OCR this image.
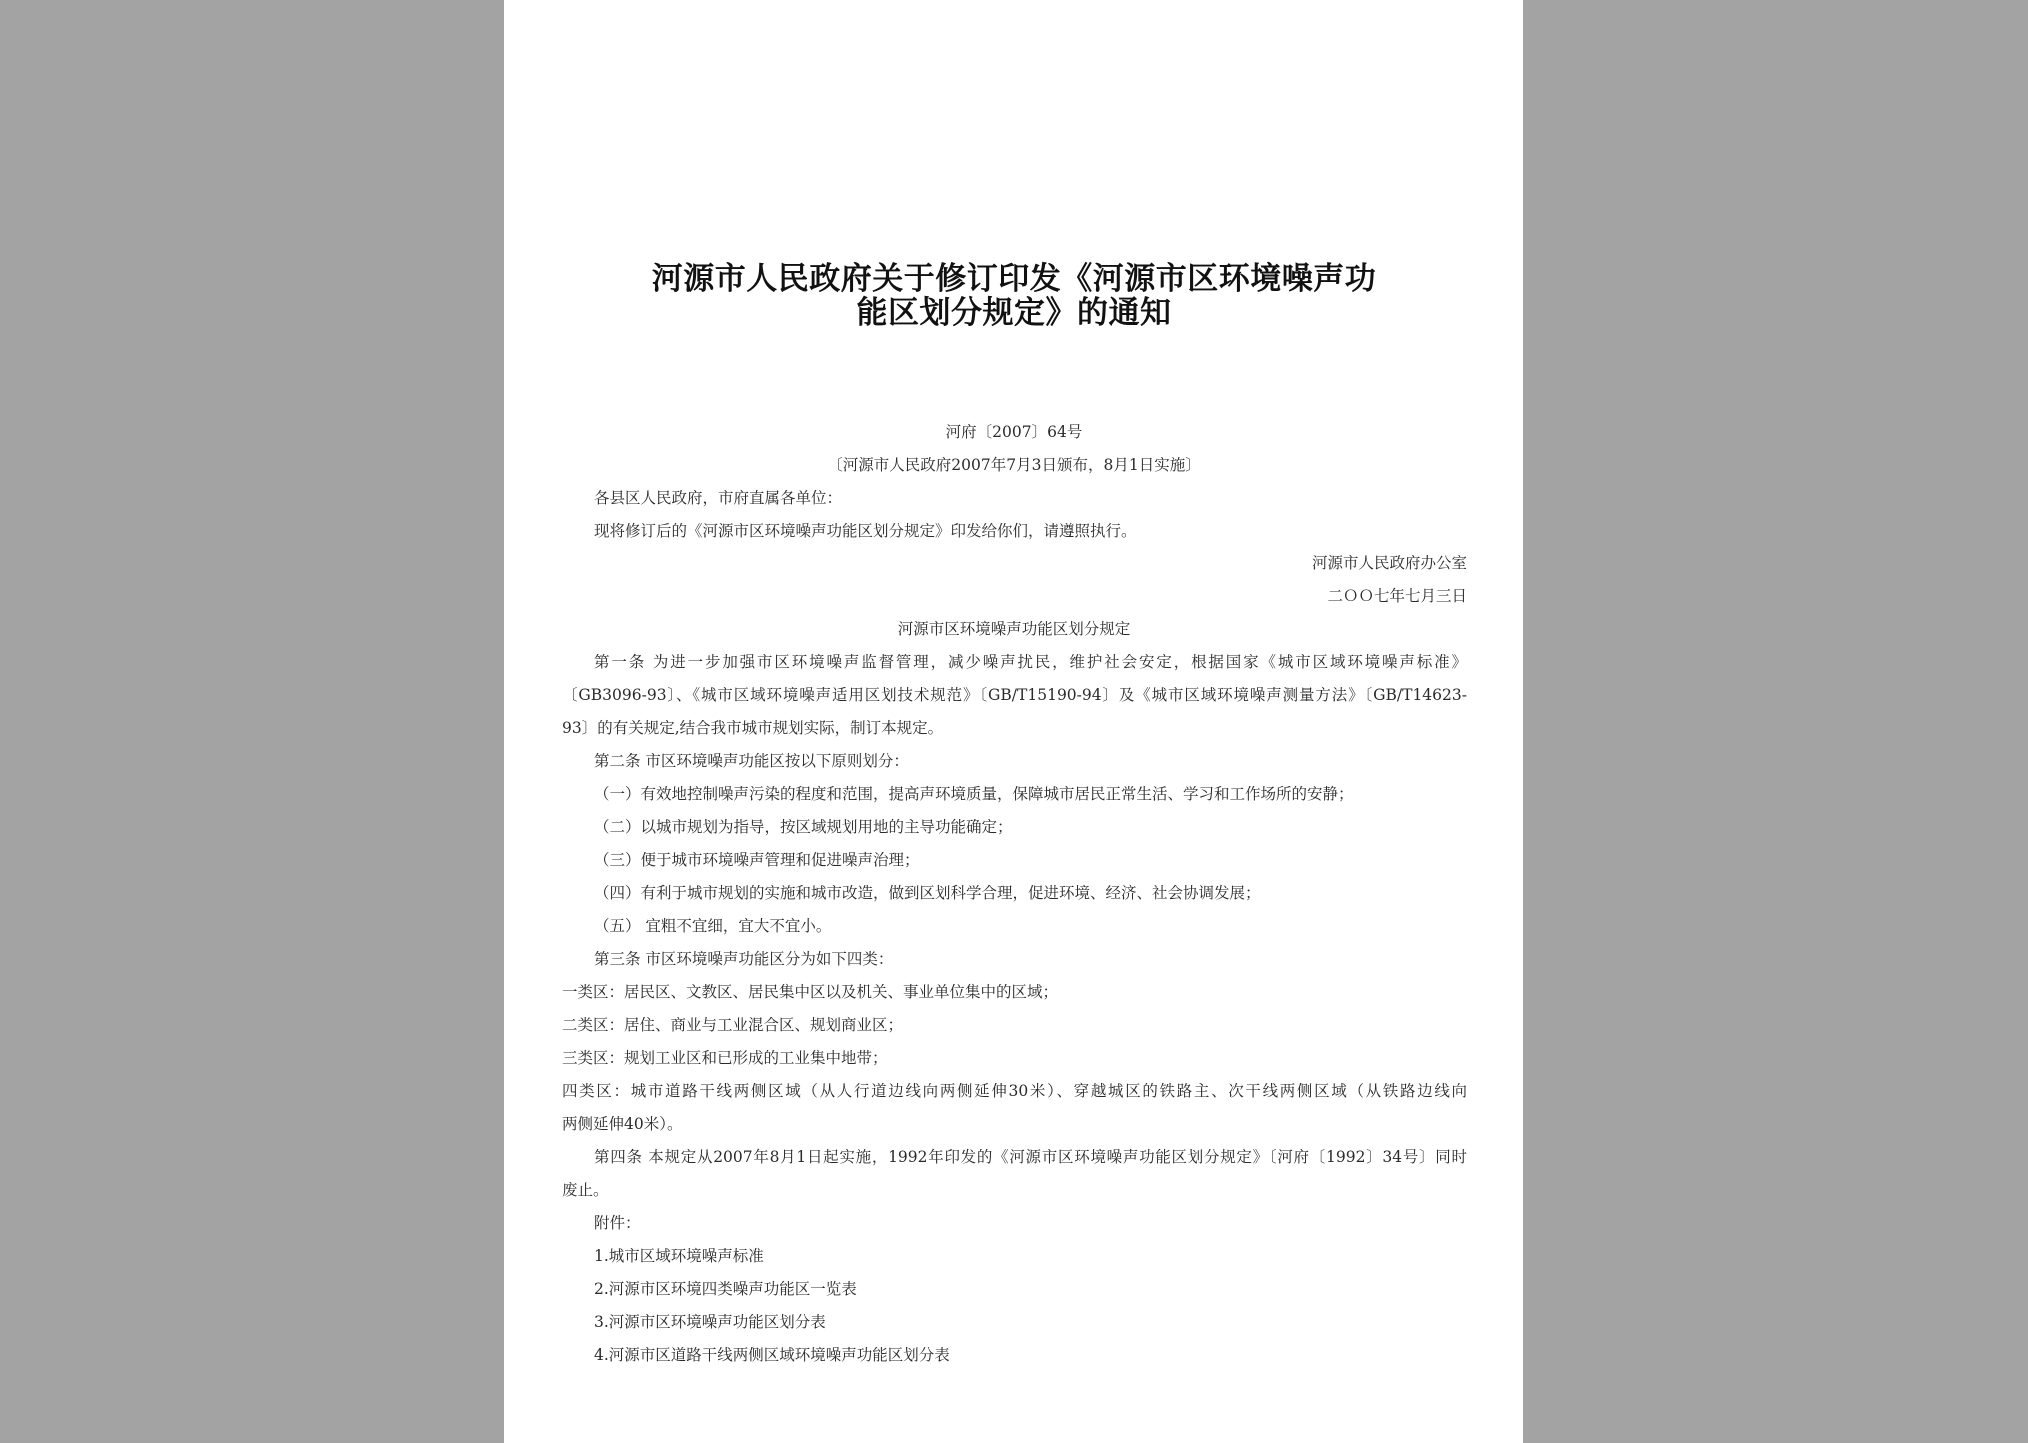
河源市人民政府关于修订印发《河源市区环境噪声功
能区划分规定》的通知
河府〔2007〕64号
〔河源市人民政府2007年7月3日颁布，8月1日实施〕
各县区人民政府，市府直属各单位：
现将修订后的《河源市区环境噪声功能区划分规定》印发给你们，请遵照执行。
河源市人民政府办公室
二ＯＯ七年七月三日
河源市区环境噪声功能区划分规定
第一条 为进一步加强市区环境噪声监督管理，减少噪声扰民，维护社会安定，根据国家《城市区域环境噪声标准》
〔GB3096-93〕、《城市区域环境噪声适用区划技术规范》〔GB/T15190-94〕及《城市区域环境噪声测量方法》〔GB/T14623-
93〕的有关规定,结合我市城市规划实际，制订本规定。
第二条 市区环境噪声功能区按以下原则划分：
（一）有效地控制噪声污染的程度和范围，提高声环境质量，保障城市居民正常生活、学习和工作场所的安静；
（二）以城市规划为指导，按区域规划用地的主导功能确定；
（三）便于城市环境噪声管理和促进噪声治理；
（四）有利于城市规划的实施和城市改造，做到区划科学合理，促进环境、经济、社会协调发展；
（五） 宜粗不宜细，宜大不宜小。
第三条 市区环境噪声功能区分为如下四类：
一类区：居民区、文教区、居民集中区以及机关、事业单位集中的区域；
二类区：居住、商业与工业混合区、规划商业区；
三类区：规划工业区和已形成的工业集中地带；
四类区：城市道路干线两侧区域（从人行道边线向两侧延伸30米）、穿越城区的铁路主、次干线两侧区域（从铁路边线向
两侧延伸40米）。
第四条 本规定从2007年8月1日起实施，1992年印发的《河源市区环境噪声功能区划分规定》〔河府〔1992〕34号〕同时
废止。
附件：
1.城市区域环境噪声标准
2.河源市区环境四类噪声功能区一览表
3.河源市区环境噪声功能区划分表
4.河源市区道路干线两侧区域环境噪声功能区划分表
